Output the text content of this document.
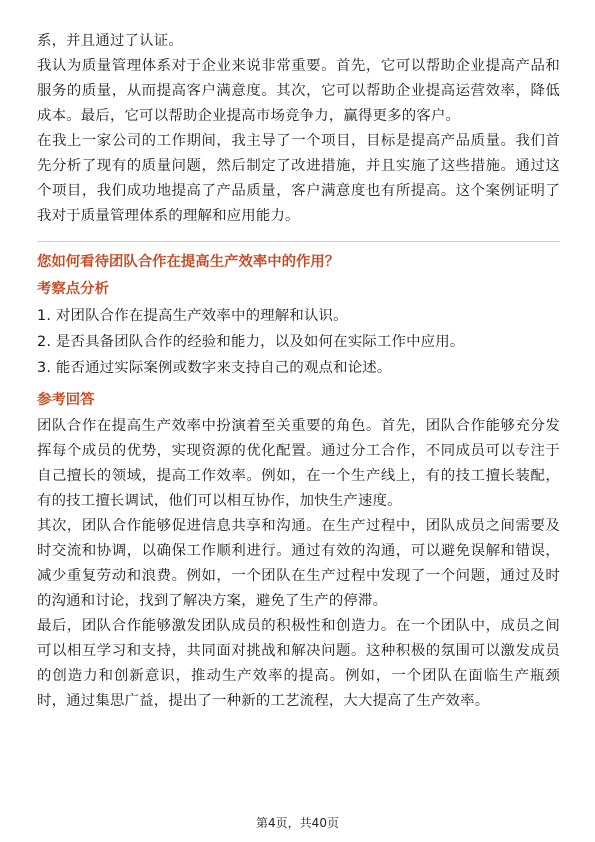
系，并且通过了认证。

我认为质量管理体系对于企业来说非常重要。首先，它可以帮助企业提高产品和服务的质量，从而提高客户满意度。其次，它可以帮助企业提高运营效率，降低成本。最后，它可以帮助企业提高市场竞争力，赢得更多的客户。

在我上一家公司的工作期间，我主导了一个项目，目标是提高产品质量。我们首先分析了现有的质量问题，然后制定了改进措施，并且实施了这些措施。通过这个项目，我们成功地提高了产品质量，客户满意度也有所提高。这个案例证明了我对于质量管理体系的理解和应用能力。

您如何看待团队合作在提高生产效率中的作用？
考察点分析

1. 对团队合作在提高生产效率中的理解和认识。

2. 是否具备团队合作的经验和能力，以及如何在实际工作中应用。

3. 能否通过实际案例或数字来支持自己的观点和论述。

参考回答

团队合作在提高生产效率中扮演着至关重要的角色。首先，团队合作能够充分发挥每个成员的优势，实现资源的优化配置。通过分工合作，不同成员可以专注于自己擅长的领域，提高工作效率。例如，在一个生产线上，有的技工擅长装配，有的技工擅长调试，他们可以相互协作，加快生产速度。

其次，团队合作能够促进信息共享和沟通。在生产过程中，团队成员之间需要及时交流和协调，以确保工作顺利进行。通过有效的沟通，可以避免误解和错误，减少重复劳动和浪费。例如，一个团队在生产过程中发现了一个问题，通过及时的沟通和讨论，找到了解决方案，避免了生产的停滞。

最后，团队合作能够激发团队成员的积极性和创造力。在一个团队中，成员之间可以相互学习和支持，共同面对挑战和解决问题。这种积极的氛围可以激发成员的创造力和创新意识，推动生产效率的提高。例如，一个团队在面临生产瓶颈时，通过集思广益，提出了一种新的工艺流程，大大提高了生产效率。

第4页，共40页
